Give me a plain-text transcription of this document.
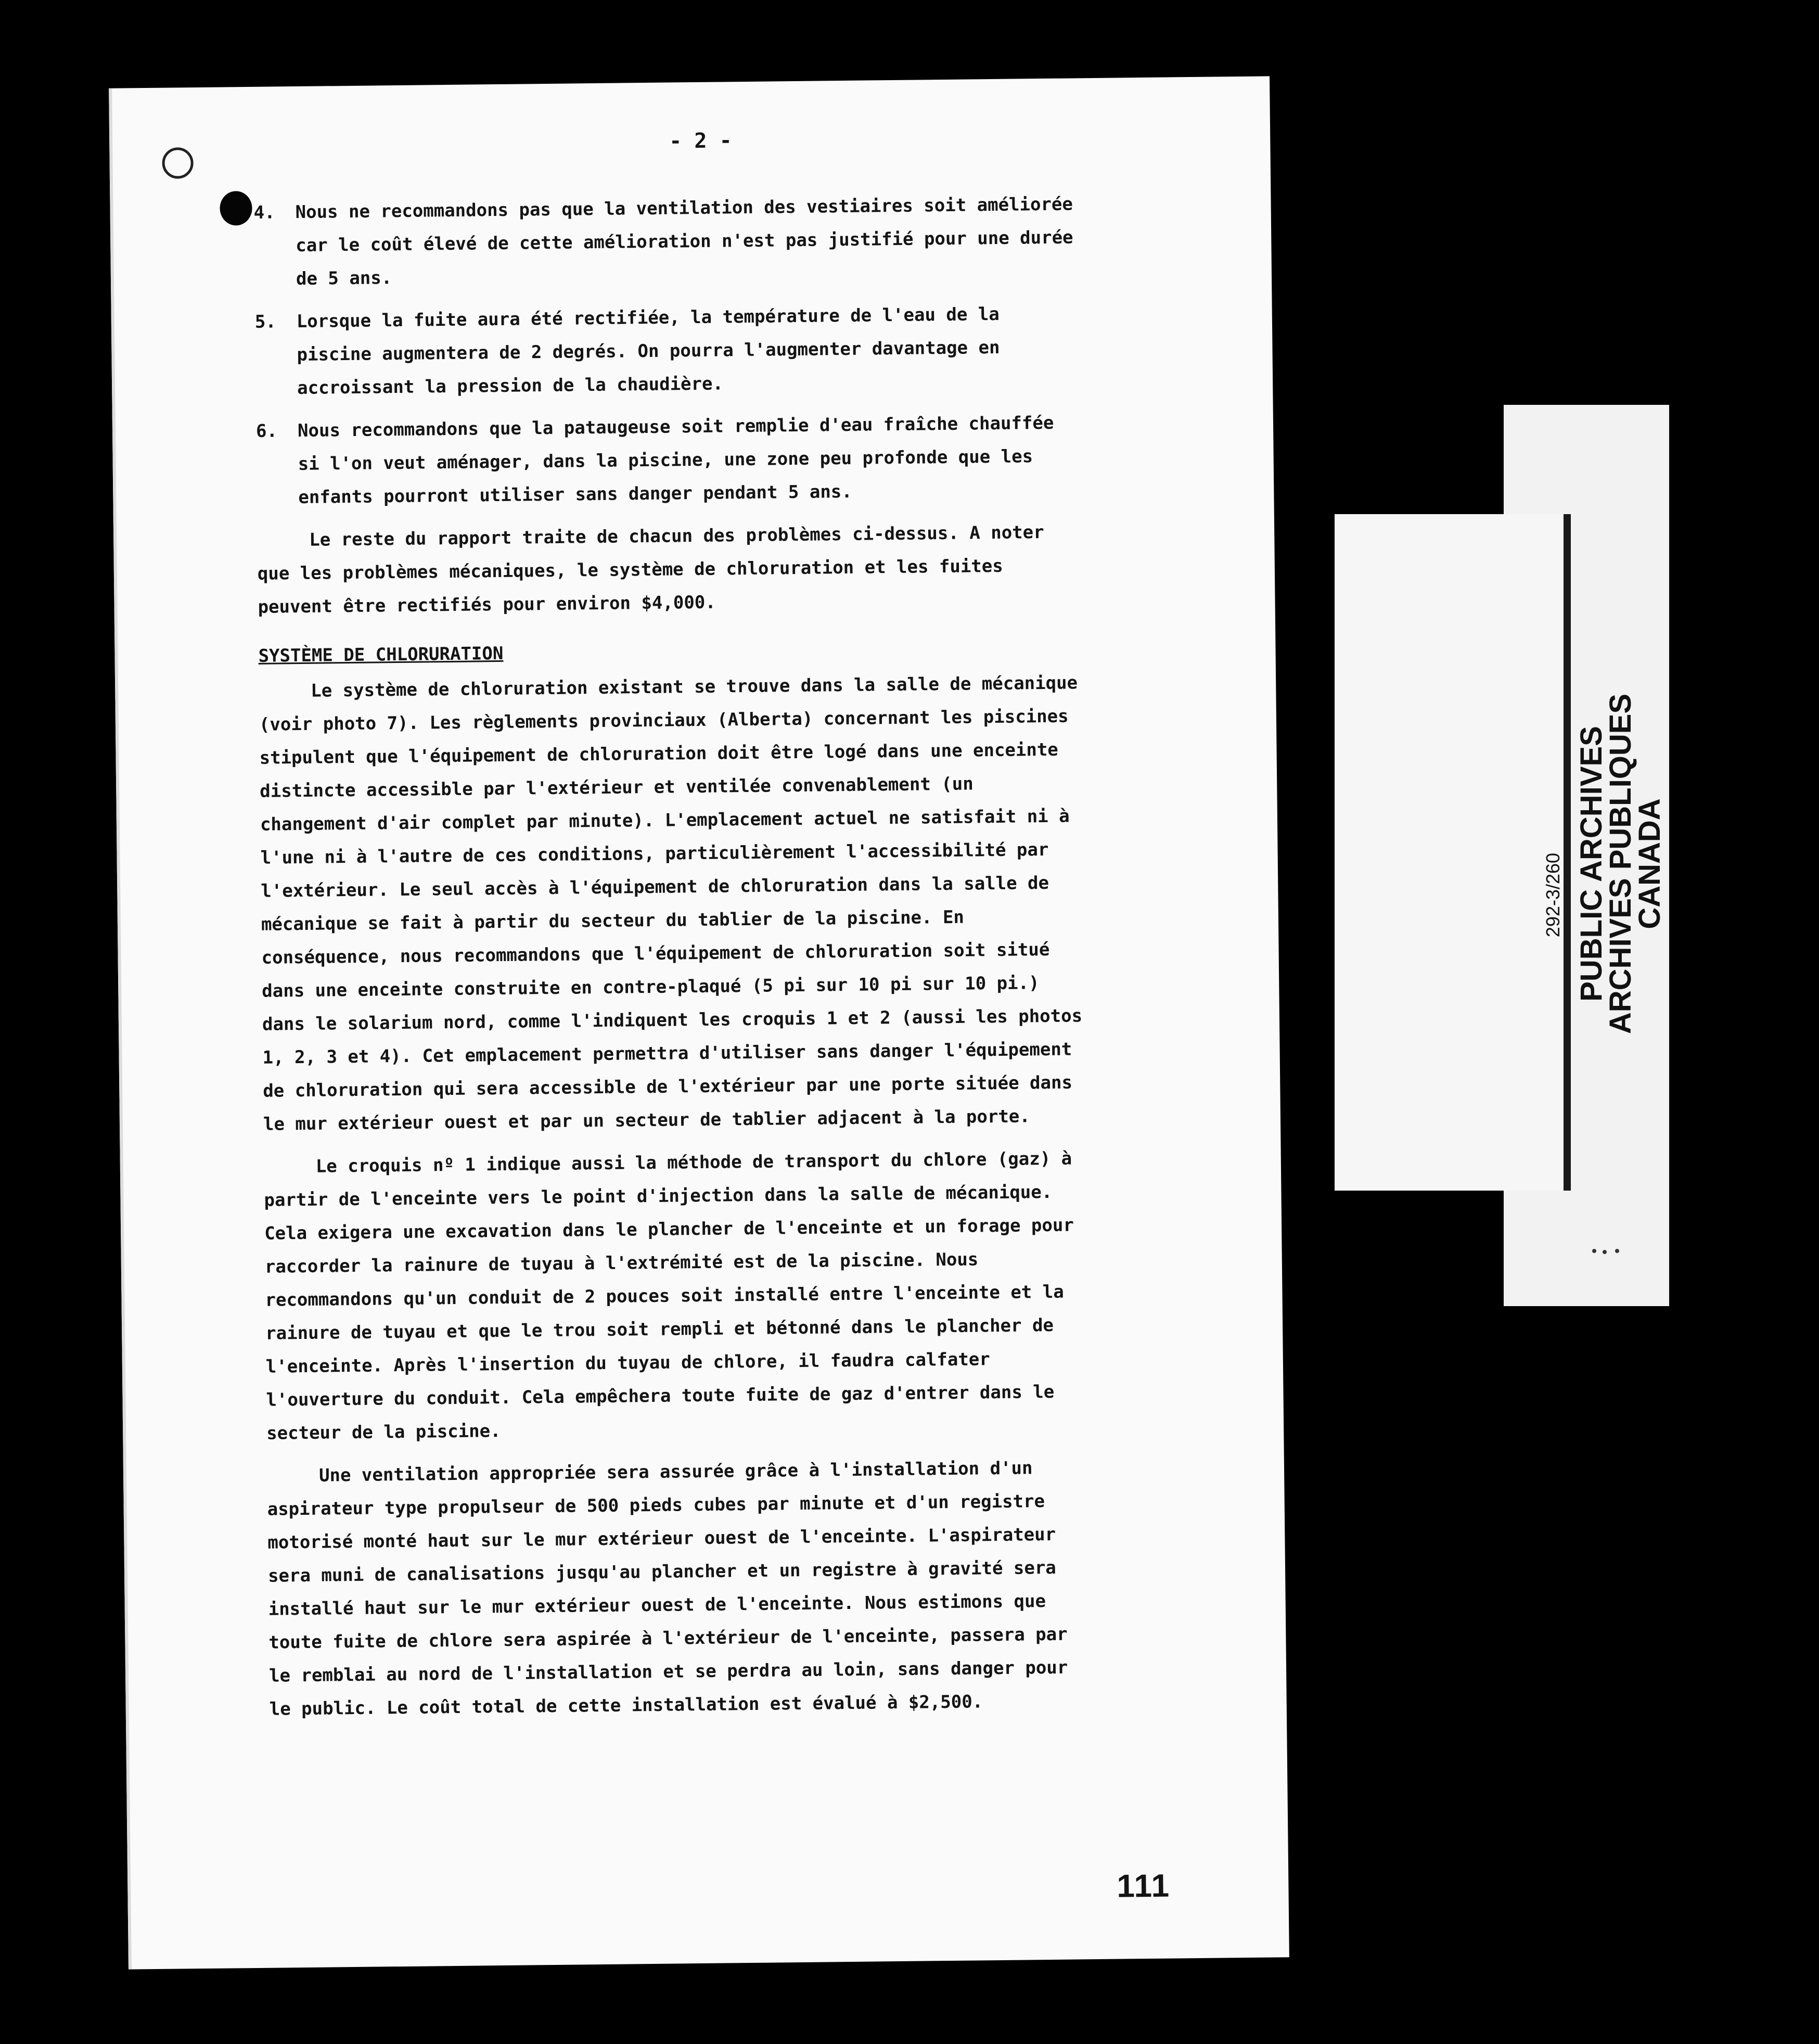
- 2 -
4. Nous ne recommandons pas que la ventilation des vestiaires soit améliorée car le coût élevé de cette amélioration n'est pas justifié pour une durée de 5 ans.
5. Lorsque la fuite aura été rectifiée, la température de l'eau de la piscine augmentera de 2 degrés. On pourra l'augmenter davantage en accroissant la pression de la chaudière.
6. Nous recommandons que la pataugeuse soit remplie d'eau fraîche chauffée si l'on veut aménager, dans la piscine, une zone peu profonde que les enfants pourront utiliser sans danger pendant 5 ans.

Le reste du rapport traite de chacun des problèmes ci-dessus. A noter que les problèmes mécaniques, le système de chloruration et les fuites peuvent être rectifiés pour environ $4,000.

SYSTÈME DE CHLORURATION

Le système de chloruration existant se trouve dans la salle de mécanique (voir photo 7). Les règlements provinciaux (Alberta) concernant les piscines stipulent que l'équipement de chloruration doit être logé dans une enceinte distincte accessible par l'extérieur et ventilée convenablement (un changement d'air complet par minute). L'emplacement actuel ne satisfait ni à l'une ni à l'autre de ces conditions, particulièrement l'accessibilité par l'extérieur. Le seul accès à l'équipement de chloruration dans la salle de mécanique se fait à partir du secteur du tablier de la piscine. En conséquence, nous recommandons que l'équipement de chloruration soit situé dans une enceinte construite en contre-plaqué (5 pi sur 10 pi sur 10 pi.) dans le solarium nord, comme l'indiquent les croquis 1 et 2 (aussi les photos 1, 2, 3 et 4). Cet emplacement permettra d'utiliser sans danger l'équipement de chloruration qui sera accessible de l'extérieur par une porte située dans le mur extérieur ouest et par un secteur de tablier adjacent à la porte.

Le croquis nº 1 indique aussi la méthode de transport du chlore (gaz) à partir de l'enceinte vers le point d'injection dans la salle de mécanique. Cela exigera une excavation dans le plancher de l'enceinte et un forage pour raccorder la rainure de tuyau à l'extrémité est de la piscine. Nous recommandons qu'un conduit de 2 pouces soit installé entre l'enceinte et la rainure de tuyau et que le trou soit rempli et bétonné dans le plancher de l'enceinte. Après l'insertion du tuyau de chlore, il faudra calfater l'ouverture du conduit. Cela empêchera toute fuite de gaz d'entrer dans le secteur de la piscine.

Une ventilation appropriée sera assurée grâce à l'installation d'un aspirateur type propulseur de 500 pieds cubes par minute et d'un registre motorisé monté haut sur le mur extérieur ouest de l'enceinte. L'aspirateur sera muni de canalisations jusqu'au plancher et un registre à gravité sera installé haut sur le mur extérieur ouest de l'enceinte. Nous estimons que toute fuite de chlore sera aspirée à l'extérieur de l'enceinte, passera par le remblai au nord de l'installation et se perdra au loin, sans danger pour le public. Le coût total de cette installation est évalué à $2,500.

111
PUBLIC ARCHIVES
ARCHIVES PUBLIQUES
CANADA
292-3/260
